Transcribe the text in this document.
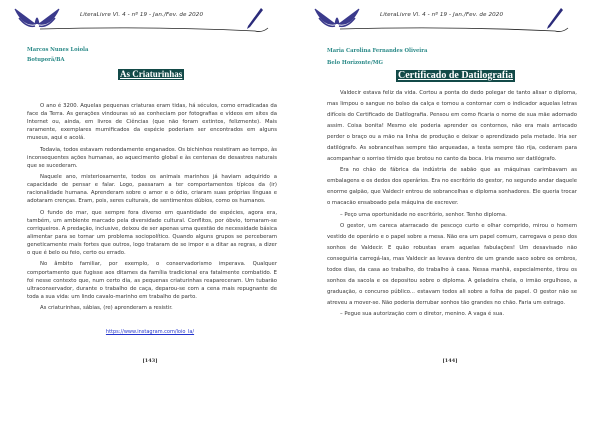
LiteraLivre Vl. 4 - nº 19 - Jan./Fev. de 2020
Marcos Nunes Loiola
Botuporã/BA
As Criaturinhas

O ano é 3200. Aquelas pequenas criaturas eram tidas, há séculos, como erradicadas da face da Terra. As gerações vindouras só as conheciam por fotografias e vídeos em sites da Internet ou, ainda, em livros de Ciências (que não foram extintos, felizmente). Mais raramente, exemplares mumificados da espécie poderiam ser encontrados em alguns museus, aqui e acolá.

Todavia, todos estavam redondamente enganados. Os bichinhos resistiram ao tempo, às inconsequentes ações humanas, ao aquecimento global e às centenas de desastres naturais que se sucederam.

Naquele ano, misteriosamente, todos os animais marinhos já haviam adquirido a capacidade de pensar e falar. Logo, passaram a ter comportamentos típicos da (ir) racionalidade humana. Aprenderam sobre o amor e o ódio, criaram suas próprias línguas e adotaram crenças. Eram, pois, seres culturais, de sentimentos dúbios, como os humanos.

O fundo do mar, que sempre fora diverso em quantidade de espécies, agora era, também, um ambiente marcado pela diversidade cultural. Conflitos, por óbvio, tornaram-se corriqueiros. A predação, inclusive, deixou de ser apenas uma questão de necessidade básica alimentar para se tornar um problema sociopolítico. Quando alguns grupos se perceberam geneticamente mais fortes que outros, logo trataram de se impor e a ditar as regras, a dizer o que é belo ou feio, certo ou errado.

No âmbito familiar, por exemplo, o conservadorismo imperava. Qualquer comportamento que fugisse aos ditames da família tradicional era fatalmente combatido. E foi nesse contexto que, num certo dia, as pequenas criaturinhas reapareceram. Um tubarão ultraconservador, durante o trabalho de caça, deparou-se com a cena mais repugnante de toda a sua vida: um lindo cavalo-marinho em trabalho de parto.

As criaturinhas, sábias, (re) aprenderam a resistir.

https://www.instagram.com/loio_la/
[143]
LiteraLivre Vl. 4 - nº 19 - Jan./Fev. de 2020
Maria Carolina Fernandes Oliveira
Belo Horizonte/MG
Certificado de Datilografia

Valdecir estava feliz da vida. Cortou a ponta do dedo polegar de tanto alisar o diploma, mas limpou o sangue no bolso da calça e tornou a contornar com o indicador aquelas letras difíceis do Certificado de Datilografia. Pensou em como ficaria o nome de sua mãe adornado assim. Coisa bonita! Mesmo ele poderia aprender os contornos, não era mais arriscado perder o braço ou a mão na linha de produção e deixar o aprendizado pela metade. Iria ser datilógrafo. As sobrancelhas sempre tão arqueadas, a testa sempre tão rija, cederam para acompanhar o sorriso tímido que brotou no canto da boca. Iria mesmo ser datilógrafo.

Era no chão de fábrica da indústria de sabão que as máquinas carimbavam as embalagens e os dedos dos operários. Era no escritório do gestor, no segundo andar daquele enorme galpão, que Valdecir entrou de sobrancelhas e diploma sonhadores. Ele queria trocar o macacão ensaboado pela máquina de escrever.

– Peço uma oportunidade no escritório, senhor. Tenho diploma.

O gestor, um careca atarracado de pescoço curto e olhar comprido, mirou o homem vestido de operário e o papel sobre a mesa. Não era um papel comum, carregava o peso dos sonhos de Valdecir. E quão robustas eram aquelas fabulações! Um desavisado não conseguiria carregá-las, mas Valdecir as levava dentro de um grande saco sobre os ombros, todos dias, da casa ao trabalho, do trabalho à casa. Nessa manhã, especialmente, tirou os sonhos da sacola e os depositou sobre o diploma. A geladeira cheia, o irmão orgulhoso, a graduação, o concurso público... estavam todos ali sobre a folha de papel. O gestor não se atreveu a mover-se. Não poderia derrubar sonhos tão grandes no chão. Faria um estrago.

– Pegue sua autorização com o diretor, menino. A vaga é sua.

[144]
